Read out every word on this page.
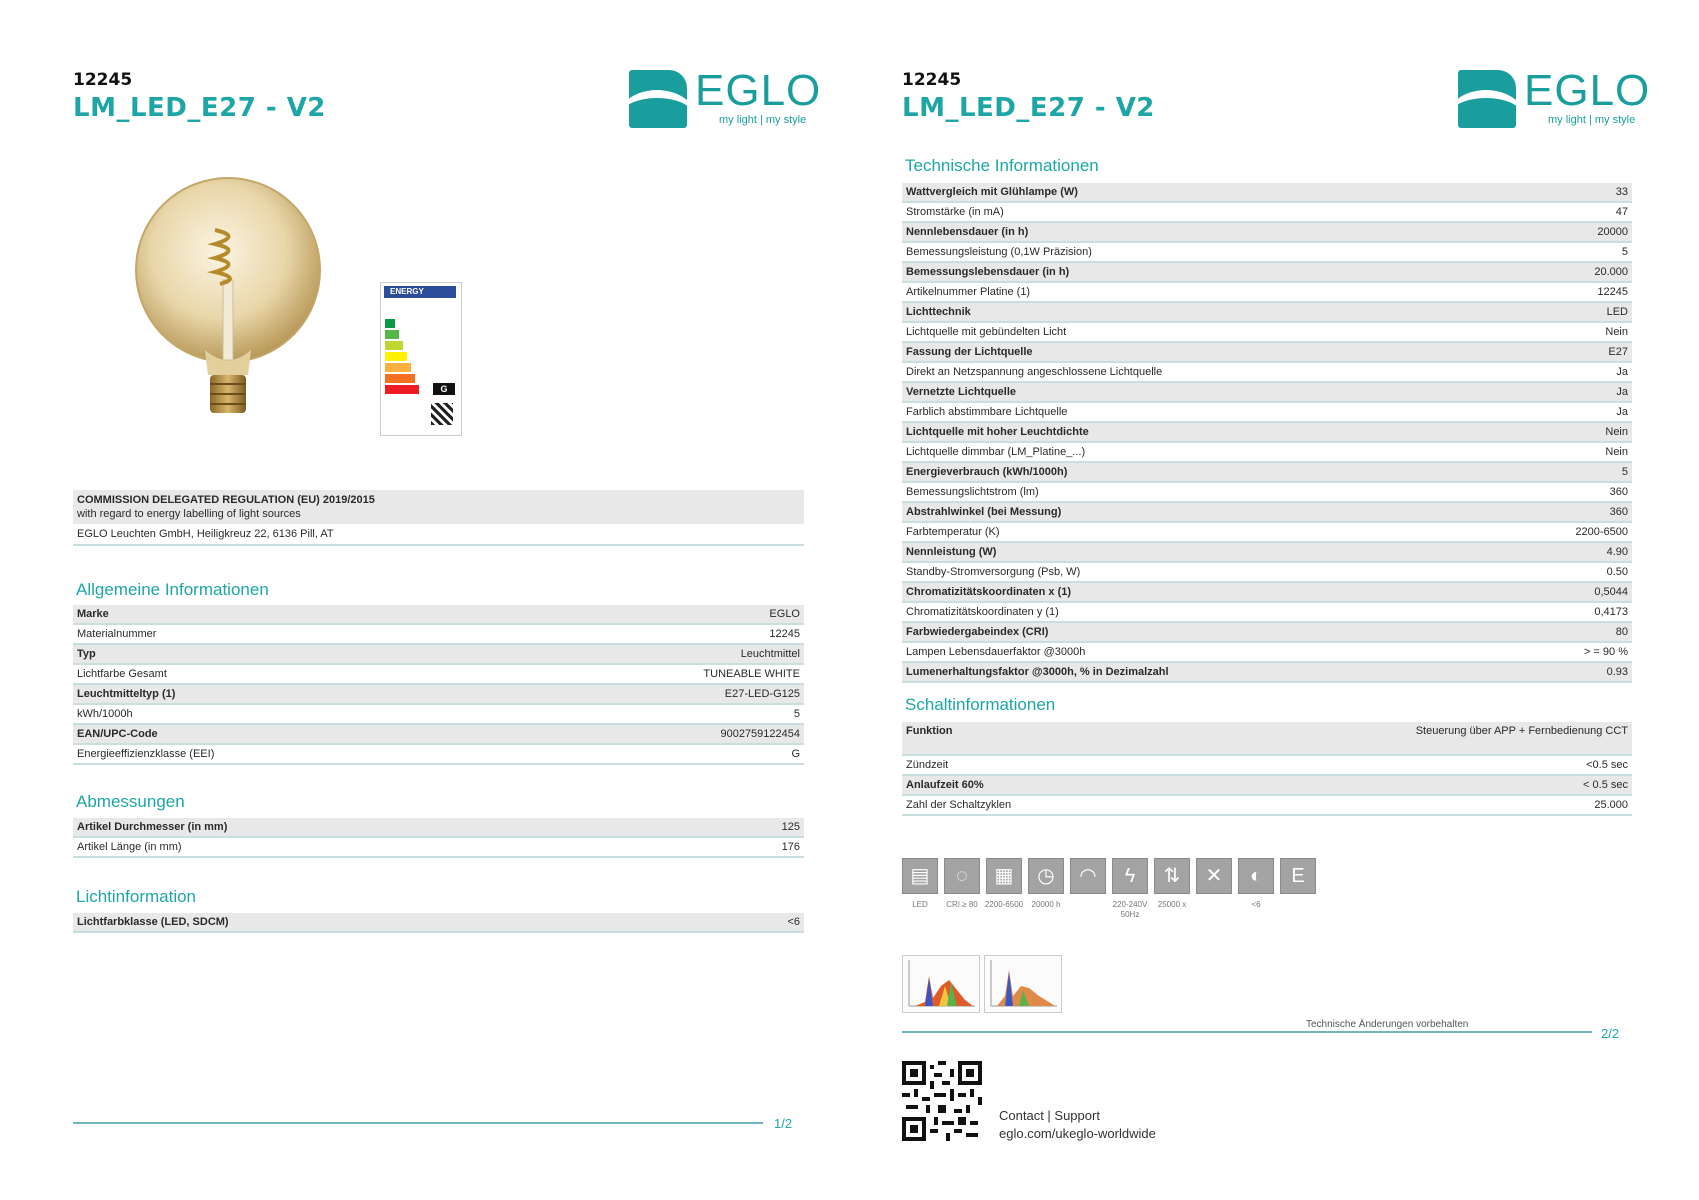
12245
LM_LED_E27 - V2	EGLO
my light | my style
ENERGY
G
COMMISSION DELEGATED REGULATION (EU) 2019/2015
with regard to energy labelling of light sources
EGLO Leuchten GmbH, Heiligkreuz 22, 6136 Pill, AT
Allgemeine Informationen
Marke	EGLO
Materialnummer	12245
Typ	Leuchtmittel
Lichtfarbe Gesamt	TUNEABLE WHITE
Leuchtmitteltyp (1)	E27-LED-G125
kWh/1000h	5
EAN/UPC-Code	9002759122454
Energieeffizienzklasse (EEI)	G
Abmessungen
Artikel Durchmesser (in mm)	125
Artikel Länge (in mm)	176
Lichtinformation
Lichtfarbklasse (LED, SDCM)	<6
1/2
12245
LM_LED_E27 - V2	EGLO
my light | my style
Technische Informationen
Wattvergleich mit Glühlampe (W)	33
Stromstärke (in mA)	47
Nennlebensdauer (in h)	20000
Bemessungsleistung (0,1W Präzision)	5
Bemessungslebensdauer (in h)	20.000
Artikelnummer Platine (1)	12245
Lichttechnik	LED
Lichtquelle mit gebündelten Licht	Nein
Fassung der Lichtquelle	E27
Direkt an Netzspannung angeschlossene Lichtquelle	Ja
Vernetzte Lichtquelle	Ja
Farblich abstimmbare Lichtquelle	Ja
Lichtquelle mit hoher Leuchtdichte	Nein
Lichtquelle dimmbar (LM_Platine_...)	Nein
Energieverbrauch (kWh/1000h)	5
Bemessungslichtstrom (lm)	360
Abstrahlwinkel (bei Messung)	360
Farbtemperatur (K)	2200-6500
Nennleistung (W)	4.90
Standby-Stromversorgung (Psb, W)	0.50
Chromatizitätskoordinaten x (1)	0,5044
Chromatizitätskoordinaten y (1)	0,4173
Farbwiedergabeindex (CRI)	80
Lampen Lebensdauerfaktor @3000h	> = 90 %
Lumenerhaltungsfaktor @3000h, % in Dezimalzahl	0.93
Schaltinformationen
Funktion	Steuerung über APP + Fernbedienung CCT
Zündzeit	<0.5 sec
Anlaufzeit 60%	< 0.5 sec
Zahl der Schaltzyklen	25.000
▤	◌	▦	◷	◠	ϟ	⇅	✕	◐	E
LED	CRI ≥ 80 2200-6500	20000 h	220-240V 50Hz
25000 x	<6
Technische Änderungen vorbehalten
2/2
Contact | Support
eglo.com/ukeglo-worldwide
